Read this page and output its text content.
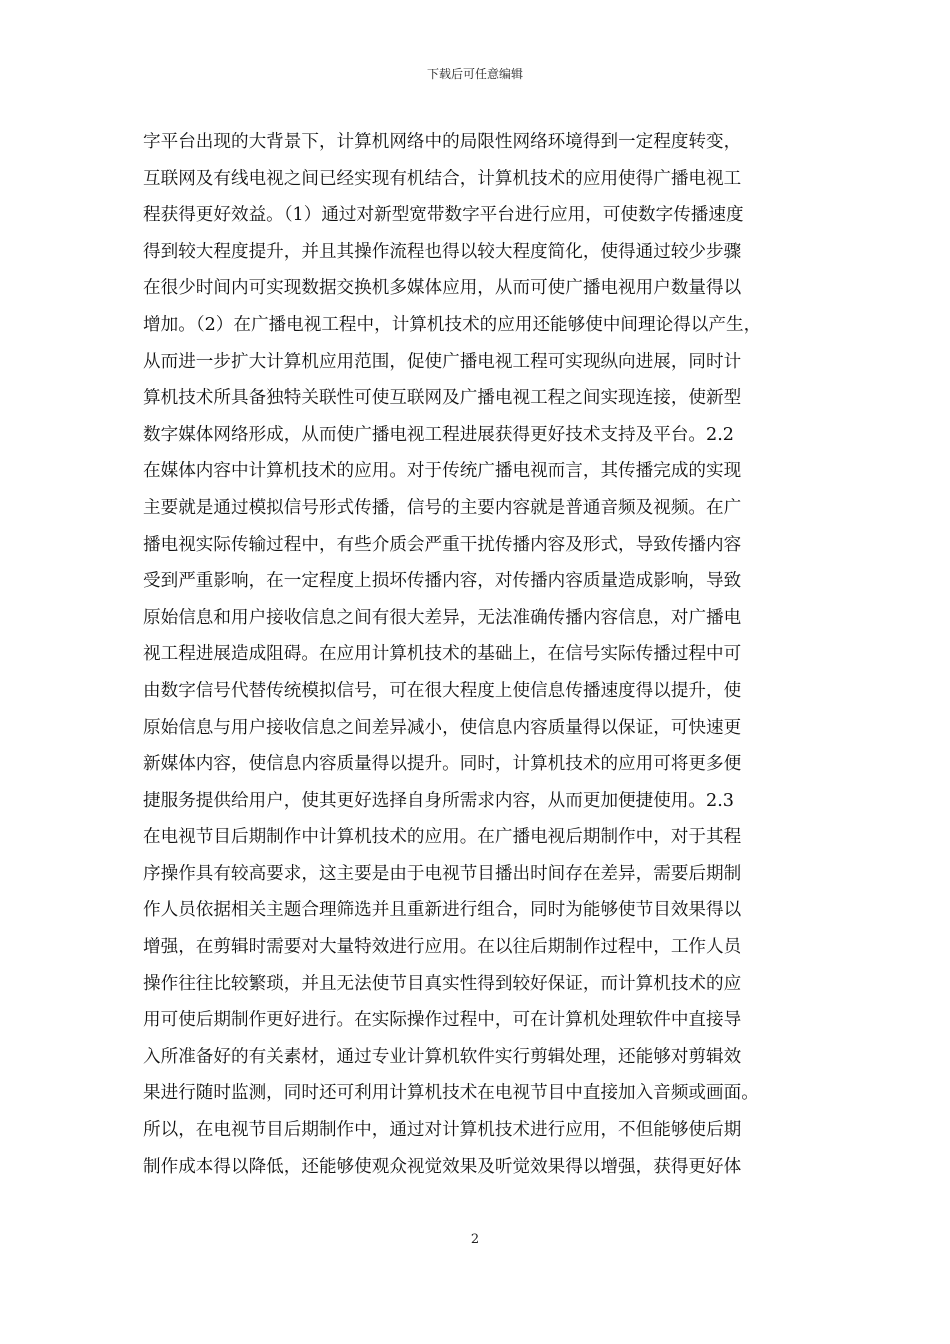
下载后可任意编辑
字平台出现的大背景下，计算机网络中的局限性网络环境得到一定程度转变，
互联网及有线电视之间已经实现有机结合，计算机技术的应用使得广播电视工
程获得更好效益。（1）通过对新型宽带数字平台进行应用，可使数字传播速度
得到较大程度提升，并且其操作流程也得以较大程度简化，使得通过较少步骤
在很少时间内可实现数据交换机多媒体应用，从而可使广播电视用户数量得以
增加。（2）在广播电视工程中，计算机技术的应用还能够使中间理论得以产生，
从而进一步扩大计算机应用范围，促使广播电视工程可实现纵向进展，同时计
算机技术所具备独特关联性可使互联网及广播电视工程之间实现连接，使新型
数字媒体网络形成，从而使广播电视工程进展获得更好技术支持及平台。2.2
在媒体内容中计算机技术的应用。对于传统广播电视而言，其传播完成的实现
主要就是通过模拟信号形式传播，信号的主要内容就是普通音频及视频。在广
播电视实际传输过程中，有些介质会严重干扰传播内容及形式，导致传播内容
受到严重影响，在一定程度上损坏传播内容，对传播内容质量造成影响，导致
原始信息和用户接收信息之间有很大差异，无法准确传播内容信息，对广播电
视工程进展造成阻碍。在应用计算机技术的基础上，在信号实际传播过程中可
由数字信号代替传统模拟信号，可在很大程度上使信息传播速度得以提升，使
原始信息与用户接收信息之间差异减小，使信息内容质量得以保证，可快速更
新媒体内容，使信息内容质量得以提升。同时，计算机技术的应用可将更多便
捷服务提供给用户，使其更好选择自身所需求内容，从而更加便捷使用。2.3
在电视节目后期制作中计算机技术的应用。在广播电视后期制作中，对于其程
序操作具有较高要求，这主要是由于电视节目播出时间存在差异，需要后期制
作人员依据相关主题合理筛选并且重新进行组合，同时为能够使节目效果得以
增强，在剪辑时需要对大量特效进行应用。在以往后期制作过程中，工作人员
操作往往比较繁琐，并且无法使节目真实性得到较好保证，而计算机技术的应
用可使后期制作更好进行。在实际操作过程中，可在计算机处理软件中直接导
入所准备好的有关素材，通过专业计算机软件实行剪辑处理，还能够对剪辑效
果进行随时监测，同时还可利用计算机技术在电视节目中直接加入音频或画面。
所以，在电视节目后期制作中，通过对计算机技术进行应用，不但能够使后期
制作成本得以降低，还能够使观众视觉效果及听觉效果得以增强，获得更好体
2
